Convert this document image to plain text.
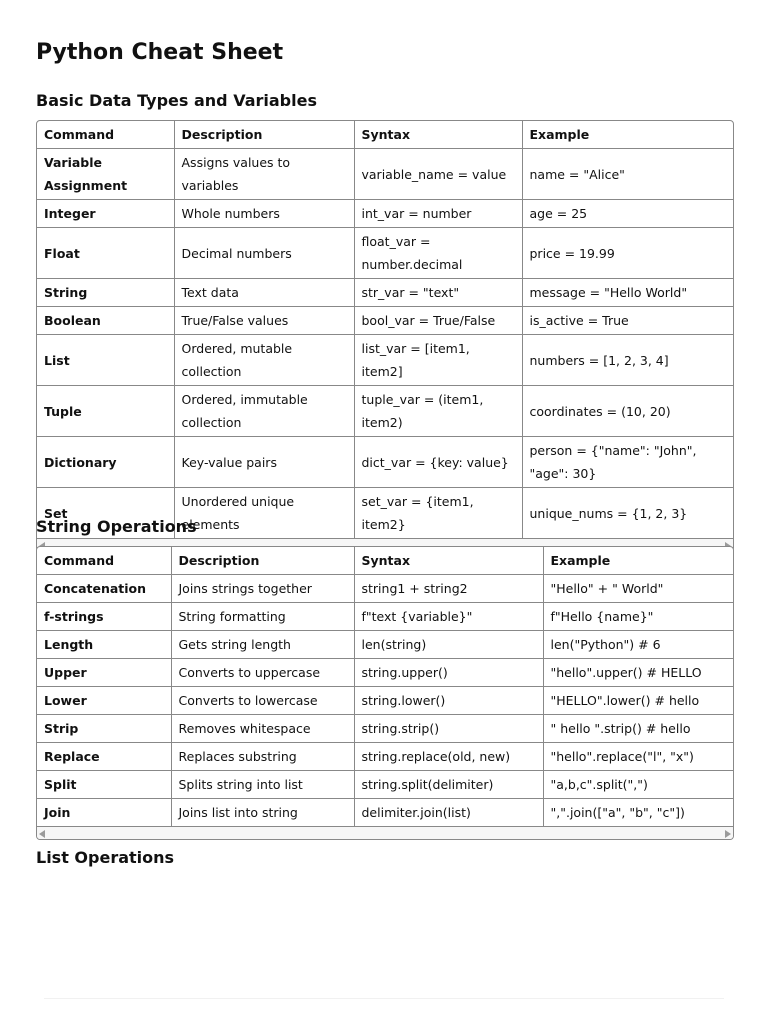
Python Cheat Sheet
Basic Data Types and Variables
Command	Description	Syntax	Example
Variable Assignment	Assigns values to variables	variable_name = value	name = "Alice"
Integer	Whole numbers	int_var = number	age = 25
Float	Decimal numbers	float_var = number.decimal	price = 19.99
String	Text data	str_var = "text"	message = "Hello World"
Boolean	True/False values	bool_var = True/False	is_active = True
List	Ordered, mutable collection	list_var = [item1, item2]	numbers = [1, 2, 3, 4]
Tuple	Ordered, immutable collection	tuple_var = (item1, item2)	coordinates = (10, 20)
Dictionary	Key-value pairs	dict_var = {key: value}	person = {"name": "John", "age": 30}
Set	Unordered unique elements	set_var = {item1, item2}	unique_nums = {1, 2, 3}
String Operations
Command	Description	Syntax	Example
Concatenation	Joins strings together	string1 + string2	"Hello" + " World"
f-strings	String formatting	f"text {variable}"	f"Hello {name}"
Length	Gets string length	len(string)	len("Python") # 6
Upper	Converts to uppercase	string.upper()	"hello".upper() # HELLO
Lower	Converts to lowercase	string.lower()	"HELLO".lower() # hello
Strip	Removes whitespace	string.strip()	" hello ".strip() # hello
Replace	Replaces substring	string.replace(old, new)	"hello".replace("l", "x")
Split	Splits string into list	string.split(delimiter)	"a,b,c".split(",")
Join	Joins list into string	delimiter.join(list)	",".join(["a", "b", "c"])
List Operations
